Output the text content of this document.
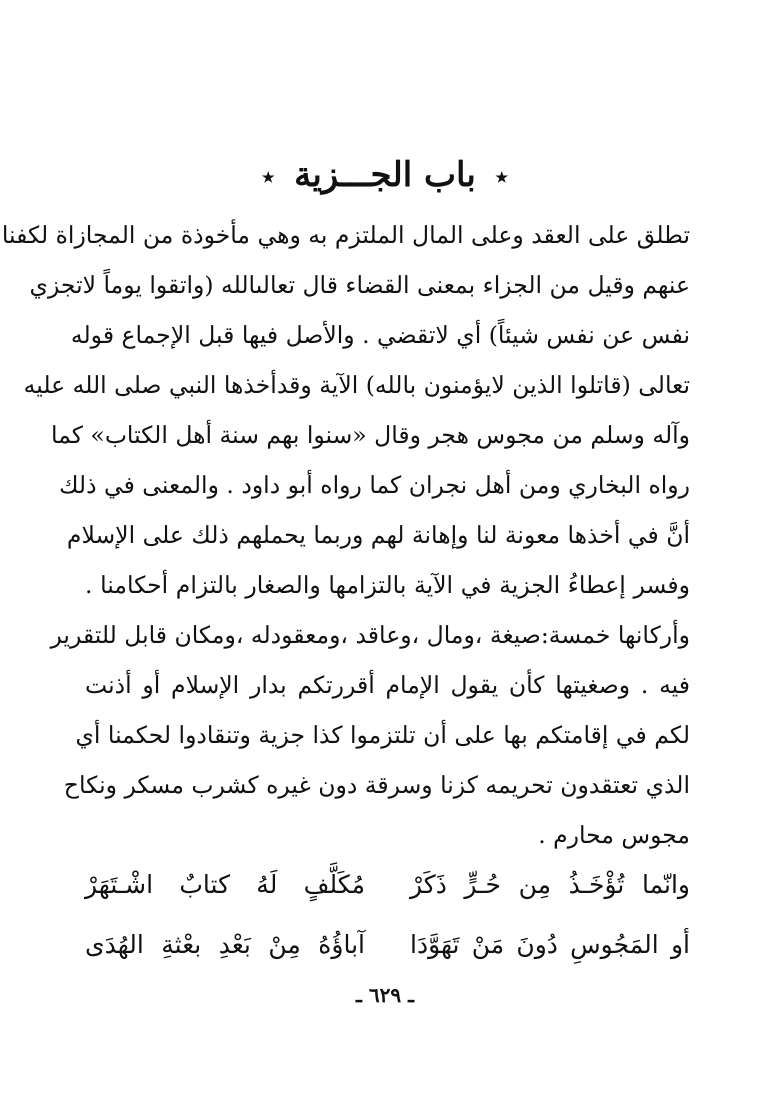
٭ باب الجـــزية ٭
تطلق على العقد وعلى المال الملتزم به وهي مأخوذة من المجازاة لكفنا
عنهم وقيل من الجزاء بمعنى القضاء قال تعالىالله (واتقوا يوماً لاتجزي
نفس عن نفس شيئاً) أي لاتقضي . والأصل فيها قبل الإجماع قوله
تعالى (قاتلوا الذين لايؤمنون بالله) الآية وقدأخذها النبي صلى الله عليه
وآله وسلم من مجوس هجر وقال «سنوا بهم سنة أهل الكتاب» كما
رواه البخاري ومن أهل نجران كما رواه أبو داود . والمعنى في ذلك
أنَّ في أخذها معونة لنا وإهانة لهم وربما يحملهم ذلك على الإسلام
وفسر إعطاءُ الجزية في الآية بالتزامها والصغار بالتزام أحكامنا .
وأركانها خمسة:صيغة ،ومال ،وعاقد ،ومعقودله ،ومكان قابل للتقرير
فيه . وصغيتها كأن يقول الإمام أقررتكم بدار الإسلام أو أذنت
لكم في إقامتكم بها على أن تلتزموا كذا جزية وتنقادوا لحكمنا أي
الذي تعتقدون تحريمه كزنا وسرقة دون غيره كشرب مسكر ونكاح
مجوس محارم .
وانّما تُؤْخَـذُ مِن حُـرٍّ ذَكَرْ
مُكَلَّفٍ لَهُ كتابٌ اشْـتَهَرْ
أو المَجُوسِ دُونَ مَنْ تَهَوَّدَا
آباؤُهُ مِنْ بَعْدِ بعْثةِ الهُدَى
ـ ٦٢٩ ـ
